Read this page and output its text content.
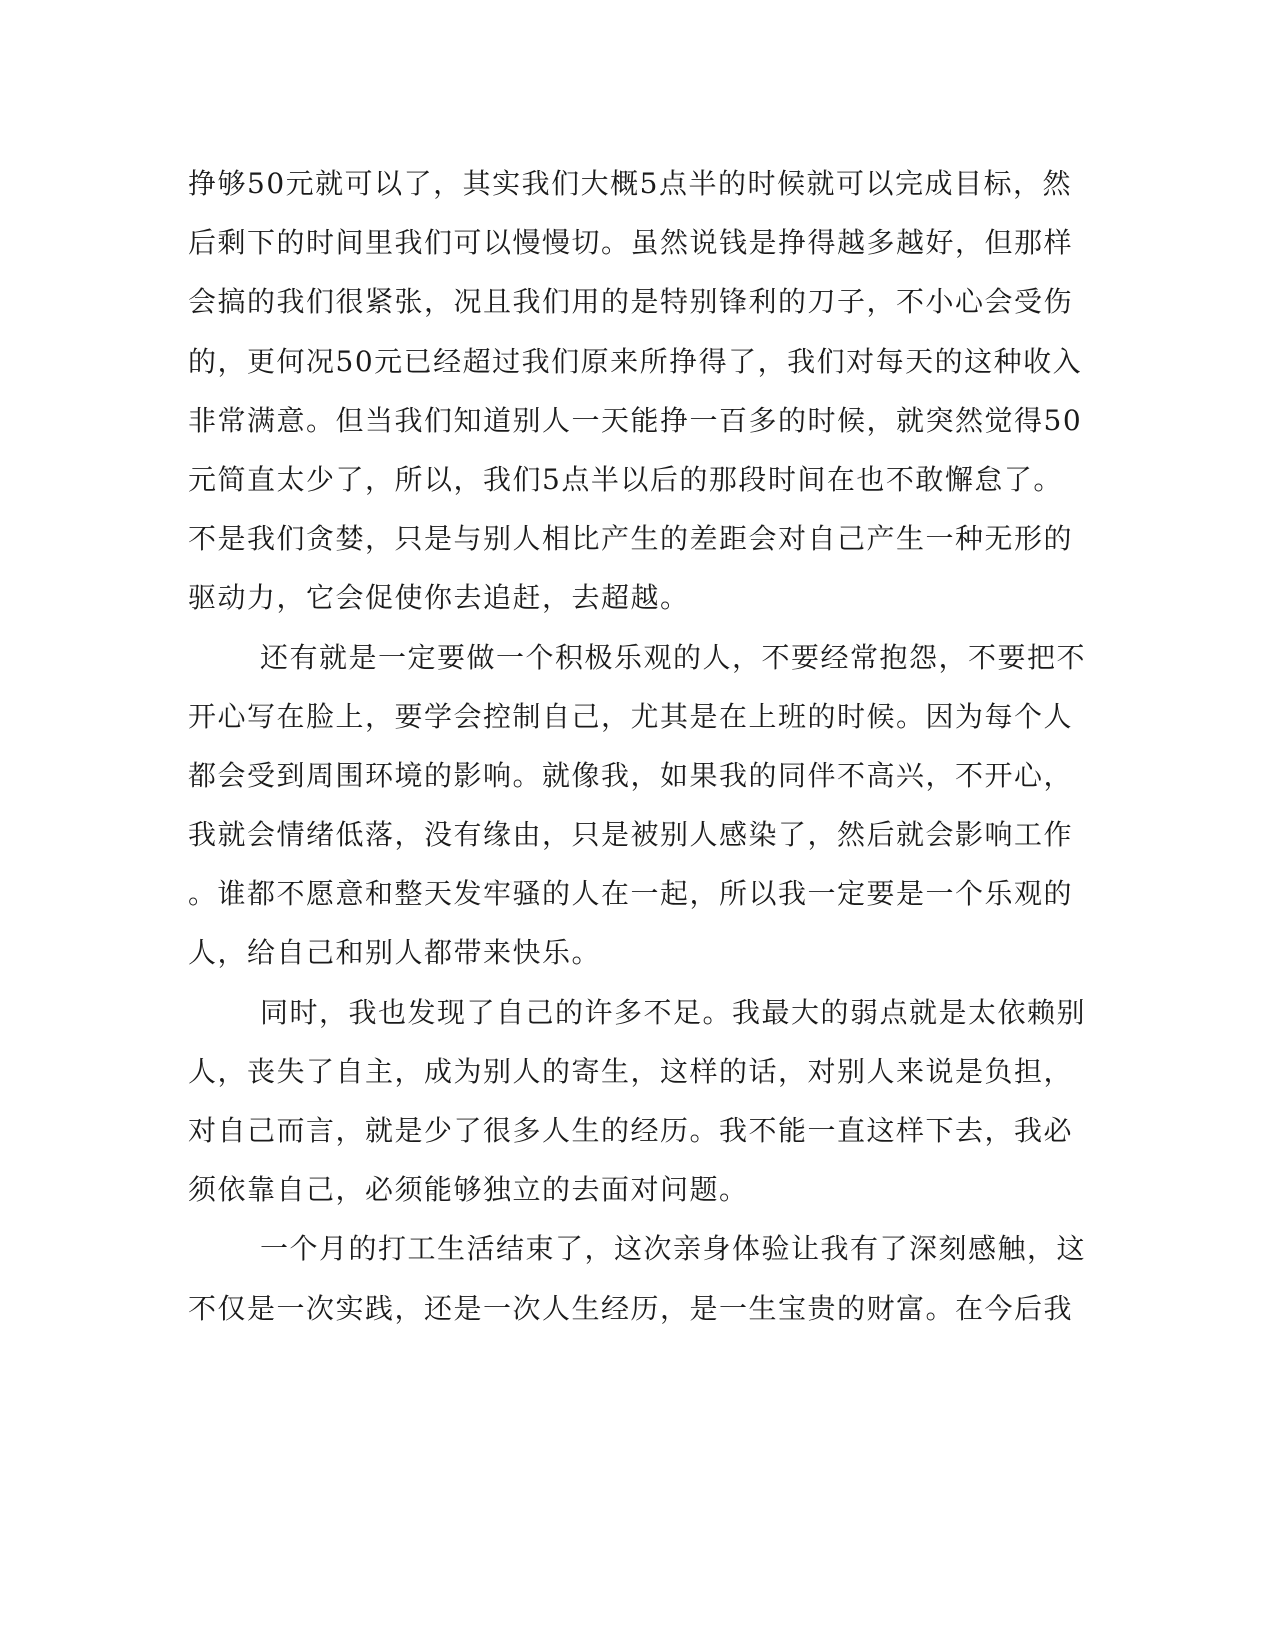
挣够50元就可以了，其实我们大概5点半的时候就可以完成目标，然
后剩下的时间里我们可以慢慢切。虽然说钱是挣得越多越好，但那样
会搞的我们很紧张，况且我们用的是特别锋利的刀子，不小心会受伤
的，更何况50元已经超过我们原来所挣得了，我们对每天的这种收入
非常满意。但当我们知道别人一天能挣一百多的时候，就突然觉得50
元简直太少了，所以，我们5点半以后的那段时间在也不敢懈怠了。
不是我们贪婪，只是与别人相比产生的差距会对自己产生一种无形的
驱动力，它会促使你去追赶，去超越。
还有就是一定要做一个积极乐观的人，不要经常抱怨，不要把不
开心写在脸上，要学会控制自己，尤其是在上班的时候。因为每个人
都会受到周围环境的影响。就像我，如果我的同伴不高兴，不开心，
我就会情绪低落，没有缘由，只是被别人感染了，然后就会影响工作
。谁都不愿意和整天发牢骚的人在一起，所以我一定要是一个乐观的
人，给自己和别人都带来快乐。
同时，我也发现了自己的许多不足。我最大的弱点就是太依赖别
人，丧失了自主，成为别人的寄生，这样的话，对别人来说是负担，
对自己而言，就是少了很多人生的经历。我不能一直这样下去，我必
须依靠自己，必须能够独立的去面对问题。
一个月的打工生活结束了，这次亲身体验让我有了深刻感触，这
不仅是一次实践，还是一次人生经历，是一生宝贵的财富。在今后我
